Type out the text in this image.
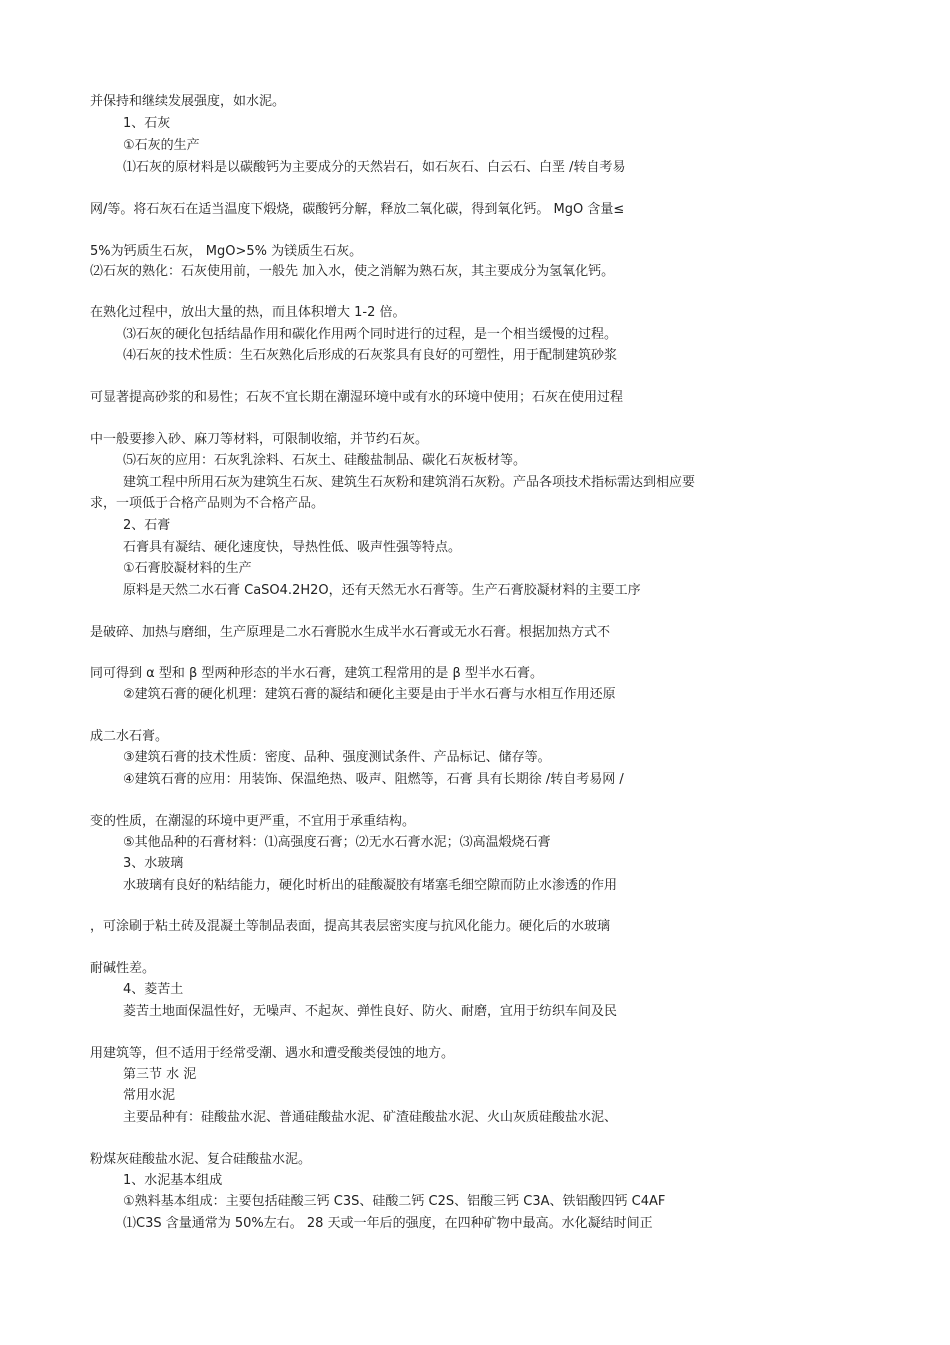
并保持和继续发展强度，如水泥。

1、石灰

①石灰的生产

⑴石灰的原材料是以碳酸钙为主要成分的天然岩石，如石灰石、白云石、白垩 /转自考易

网/等。将石灰石在适当温度下煅烧，碳酸钙分解，释放二氧化碳，得到氧化钙。 MgO 含量≤

5%为钙质生石灰， MgO>5% 为镁质生石灰。

⑵石灰的熟化：石灰使用前，一般先 加入水，使之消解为熟石灰，其主要成分为氢氧化钙。

在熟化过程中，放出大量的热，而且体积增大 1-2 倍。

⑶石灰的硬化包括结晶作用和碳化作用两个同时进行的过程，是一个相当缓慢的过程。

⑷石灰的技术性质：生石灰熟化后形成的石灰浆具有良好的可塑性，用于配制建筑砂浆

可显著提高砂浆的和易性；石灰不宜长期在潮湿环境中或有水的环境中使用；石灰在使用过程

中一般要掺入砂、麻刀等材料，可限制收缩，并节约石灰。

⑸石灰的应用：石灰乳涂料、石灰土、硅酸盐制品、碳化石灰板材等。

建筑工程中所用石灰为建筑生石灰、建筑生石灰粉和建筑消石灰粉。产品各项技术指标需达到相应要

求，一项低于合格产品则为不合格产品。

2、石膏

石膏具有凝结、硬化速度快，导热性低、吸声性强等特点。

①石膏胶凝材料的生产

原料是天然二水石膏 CaSO4.2H2O，还有天然无水石膏等。生产石膏胶凝材料的主要工序

是破碎、加热与磨细，生产原理是二水石膏脱水生成半水石膏或无水石膏。根据加热方式不

同可得到 α 型和 β 型两种形态的半水石膏，建筑工程常用的是 β 型半水石膏。

②建筑石膏的硬化机理：建筑石膏的凝结和硬化主要是由于半水石膏与水相互作用还原

成二水石膏。

③建筑石膏的技术性质：密度、品种、强度测试条件、产品标记、储存等。

④建筑石膏的应用：用装饰、保温绝热、吸声、阻燃等，石膏 具有长期徐 /转自考易网 /

变的性质，在潮湿的环境中更严重，不宜用于承重结构。

⑤其他品种的石膏材料：⑴高强度石膏；⑵无水石膏水泥；⑶高温煅烧石膏

3、水玻璃

水玻璃有良好的粘结能力，硬化时析出的硅酸凝胶有堵塞毛细空隙而防止水渗透的作用

，可涂刷于粘土砖及混凝土等制品表面，提高其表层密实度与抗风化能力。硬化后的水玻璃

耐碱性差。

4、菱苦土

菱苦土地面保温性好，无噪声、不起灰、弹性良好、防火、耐磨，宜用于纺织车间及民

用建筑等，但不适用于经常受潮、遇水和遭受酸类侵蚀的地方。

第三节 水 泥

常用水泥

主要品种有：硅酸盐水泥、普通硅酸盐水泥、矿渣硅酸盐水泥、火山灰质硅酸盐水泥、

粉煤灰硅酸盐水泥、复合硅酸盐水泥。

1、水泥基本组成

①熟料基本组成：主要包括硅酸三钙 C3S、硅酸二钙 C2S、铝酸三钙 C3A、铁铝酸四钙 C4AF

⑴C3S 含量通常为 50%左右。 28 天或一年后的强度，在四种矿物中最高。水化凝结时间正
